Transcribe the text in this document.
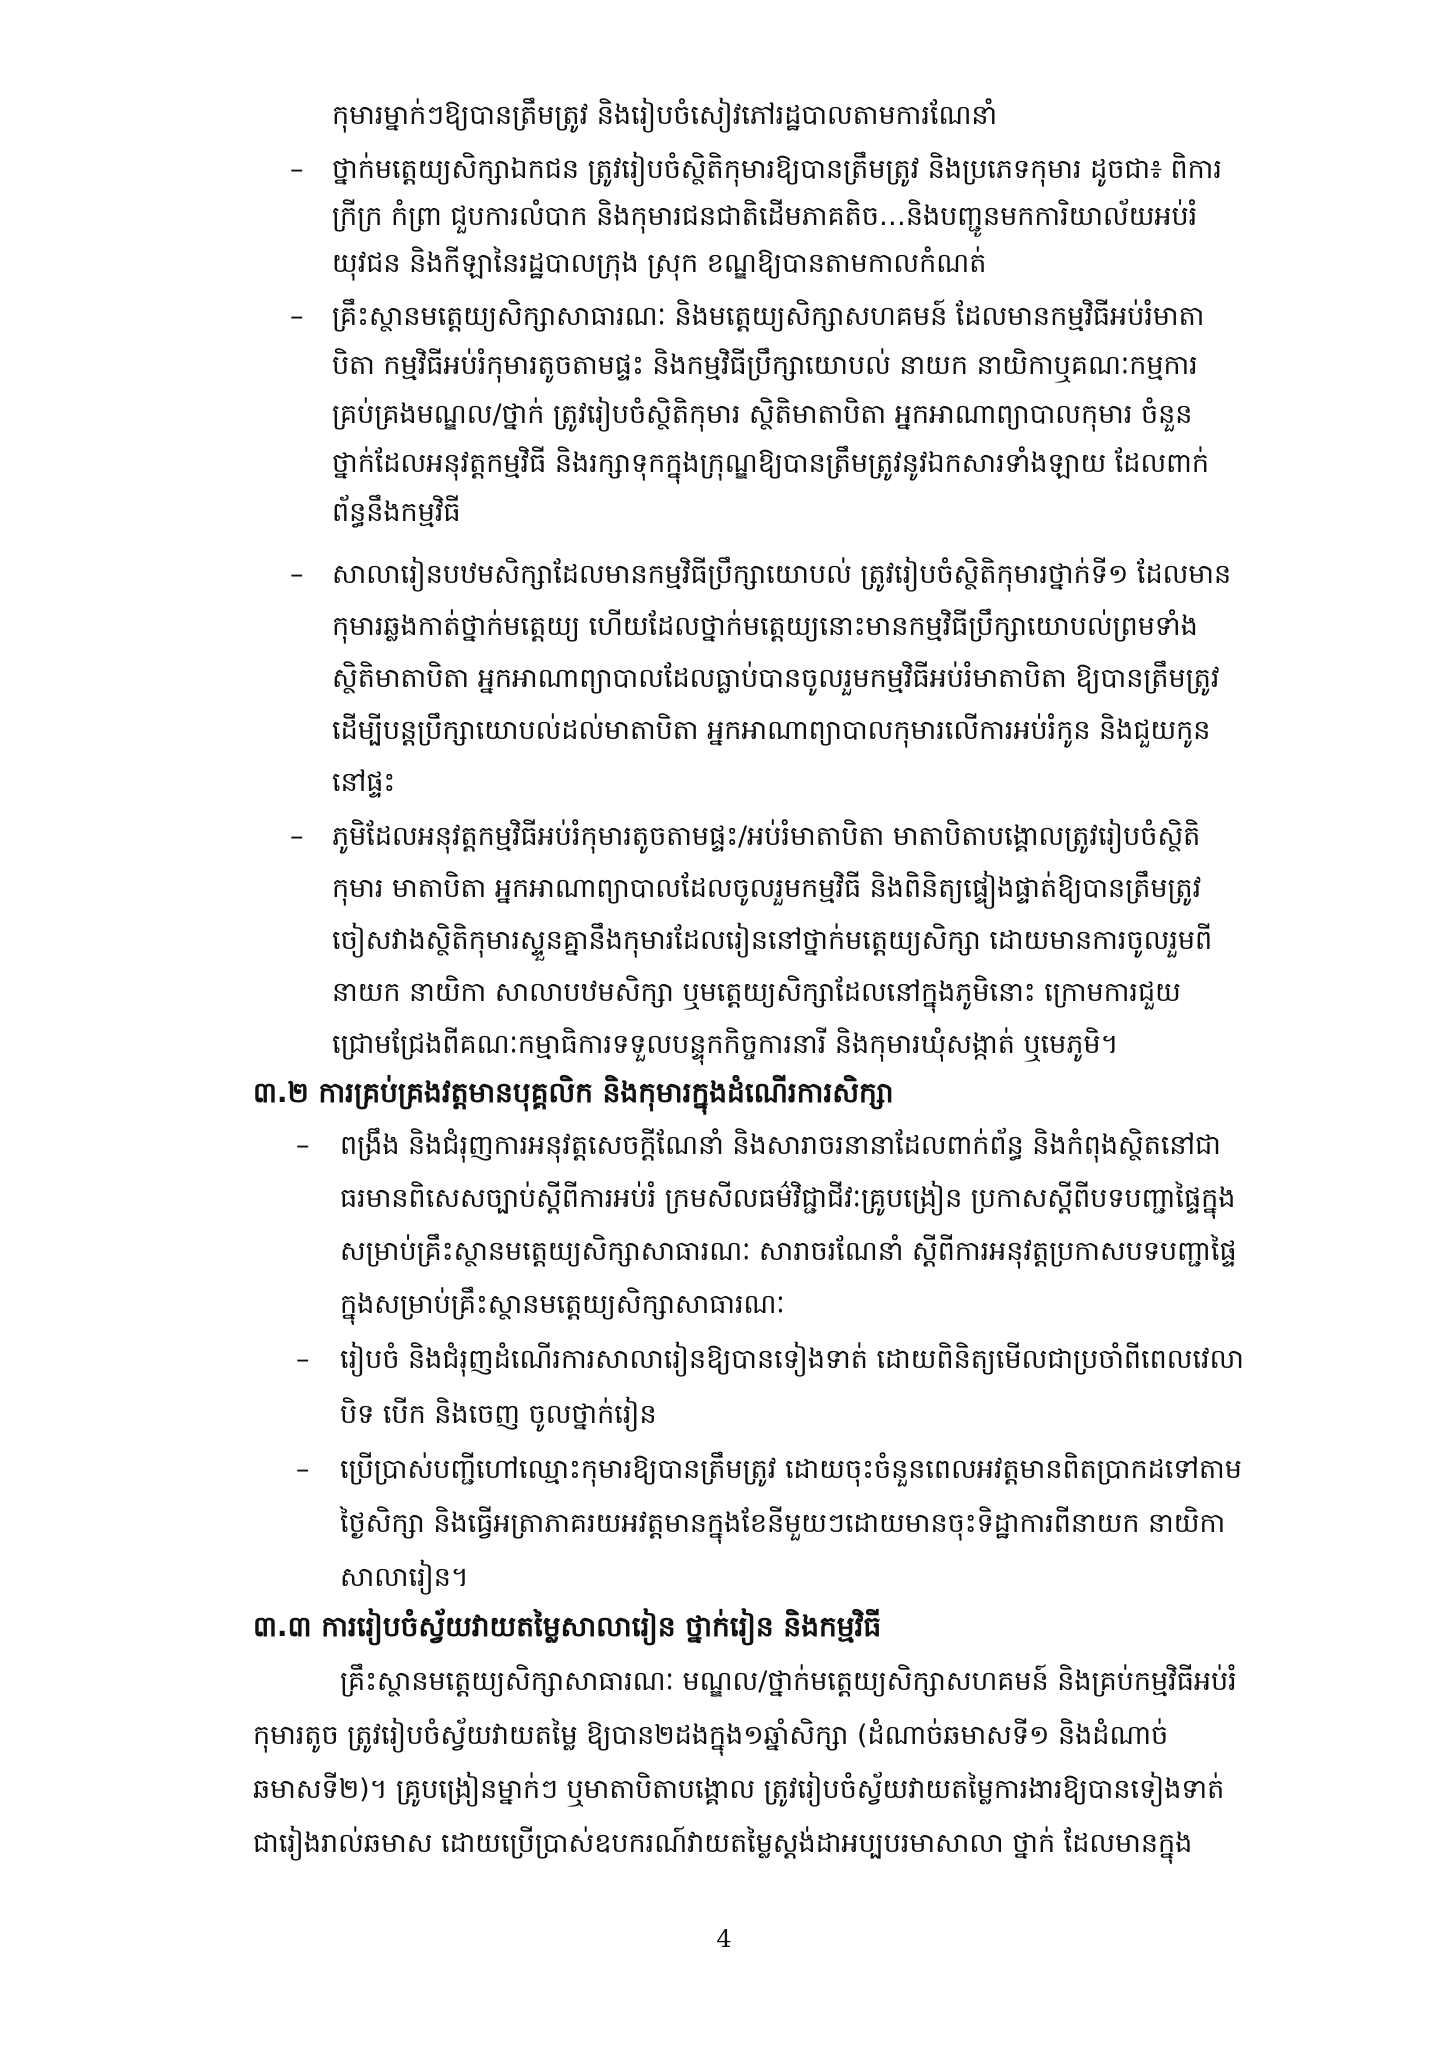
កុមារម្នាក់ៗឱ្យបានត្រឹមត្រូវ និងរៀបចំសៀវភៅរដ្ឋបាលតាមការណែនាំ
– ថ្នាក់មត្តេយ្យសិក្សាឯកជន ត្រូវរៀបចំស្ថិតិកុមារឱ្យបានត្រឹមត្រូវ និងប្រភេទកុមារ ដូចជា៖ ពិការ
ក្រីក្រ កំព្រា ជួបការលំបាក និងកុមារជនជាតិដើមភាគតិច…និងបញ្ជូនមកការិយាល័យអប់រំ
យុវជន និងកីឡានៃរដ្ឋបាលក្រុង ស្រុក ខណ្ឌឱ្យបានតាមកាលកំណត់
– គ្រឹះស្ថានមត្តេយ្យសិក្សាសាធារណៈ និងមត្តេយ្យសិក្សាសហគមន៍ ដែលមានកម្មវិធីអប់រំមាតា
បិតា កម្មវិធីអប់រំកុមារតូចតាមផ្ទះ និងកម្មវិធីប្រឹក្សាយោបល់ នាយក នាយិកាឬគណៈកម្មការ
គ្រប់គ្រងមណ្ឌល/ថ្នាក់ ត្រូវរៀបចំស្ថិតិកុមារ ស្ថិតិមាតាបិតា អ្នកអាណាព្យាបាលកុមារ ចំនួន
ថ្នាក់ដែលអនុវត្តកម្មវិធី និងរក្សាទុកក្នុងក្រុណ្ឌឱ្យបានត្រឹមត្រូវនូវឯកសារទាំងឡាយ ដែលពាក់
ព័ន្ធនឹងកម្មវិធី
– សាលារៀនបឋមសិក្សាដែលមានកម្មវិធីប្រឹក្សាយោបល់ ត្រូវរៀបចំស្ថិតិកុមារថ្នាក់ទី១ ដែលមាន
កុមារឆ្លងកាត់ថ្នាក់មត្តេយ្យ ហើយដែលថ្នាក់មត្តេយ្យនោះមានកម្មវិធីប្រឹក្សាយោបល់ព្រមទាំង
ស្ថិតិមាតាបិតា អ្នកអាណាព្យាបាលដែលធ្លាប់បានចូលរួមកម្មវិធីអប់រំមាតាបិតា ឱ្យបានត្រឹមត្រូវ
ដើម្បីបន្តប្រឹក្សាយោបល់ដល់មាតាបិតា អ្នកអាណាព្យាបាលកុមារលើការអប់រំកូន និងជួយកូន
នៅផ្ទះ
– ភូមិដែលអនុវត្តកម្មវិធីអប់រំកុមារតូចតាមផ្ទះ/អប់រំមាតាបិតា មាតាបិតាបង្គោលត្រូវរៀបចំស្ថិតិ
កុមារ មាតាបិតា អ្នកអាណាព្យាបាលដែលចូលរួមកម្មវិធី និងពិនិត្យផ្ទៀងផ្ទាត់ឱ្យបានត្រឹមត្រូវ
ចៀសវាងស្ថិតិកុមារស្ទួនគ្នានឹងកុមារដែលរៀននៅថ្នាក់មត្តេយ្យសិក្សា ដោយមានការចូលរួមពី
នាយក នាយិកា សាលាបឋមសិក្សា ឬមត្តេយ្យសិក្សាដែលនៅក្នុងភូមិនោះ ក្រោមការជួយ
ជ្រោមជ្រែងពីគណៈកម្មាធិការទទួលបន្ទុកកិច្ចការនារី និងកុមារឃុំសង្កាត់ ឬមេភូមិ។
៣.២ ការគ្រប់គ្រងវត្តមានបុគ្គលិក និងកុមារក្នុងដំណើរការសិក្សា
– ពង្រឹង និងជំរុញការអនុវត្តសេចក្តីណែនាំ និងសារាចរនានាដែលពាក់ព័ន្ធ និងកំពុងស្ថិតនៅជា
ធរមានពិសេសច្បាប់ស្តីពីការអប់រំ ក្រមសីលធម៌វិជ្ជាជីវៈគ្រូបង្រៀន ប្រកាសស្តីពីបទបញ្ជាផ្ទៃក្នុង
សម្រាប់គ្រឹះស្ថានមត្តេយ្យសិក្សាសាធារណៈ សារាចរណែនាំ ស្តីពីការអនុវត្តប្រកាសបទបញ្ជាផ្ទៃ
ក្នុងសម្រាប់គ្រឹះស្ថានមត្តេយ្យសិក្សាសាធារណៈ
– រៀបចំ និងជំរុញដំណើរការសាលារៀនឱ្យបានទៀងទាត់ ដោយពិនិត្យមើលជាប្រចាំពីពេលវេលា
បិទ បើក និងចេញ ចូលថ្នាក់រៀន
– ប្រើប្រាស់បញ្ជីហៅឈ្មោះកុមារឱ្យបានត្រឹមត្រូវ ដោយចុះចំនួនពេលអវត្តមានពិតប្រាកដទៅតាម
ថ្ងៃសិក្សា និងធ្វើអត្រាភាគរយអវត្តមានក្នុងខែនីមួយៗដោយមានចុះទិដ្ឋាការពីនាយក នាយិកា
សាលារៀន។
៣.៣ ការរៀបចំស្វ័យវាយតម្លៃសាលារៀន ថ្នាក់រៀន និងកម្មវិធី
គ្រឹះស្ថានមត្តេយ្យសិក្សាសាធារណៈ មណ្ឌល/ថ្នាក់មត្តេយ្យសិក្សាសហគមន៍ និងគ្រប់កម្មវិធីអប់រំ
កុមារតូច ត្រូវរៀបចំស្វ័យវាយតម្លៃ ឱ្យបាន២ដងក្នុង១ឆ្នាំសិក្សា (ដំណាច់ឆមាសទី១ និងដំណាច់
ឆមាសទី២)។ គ្រូបង្រៀនម្នាក់ៗ ឬមាតាបិតាបង្គោល ត្រូវរៀបចំស្វ័យវាយតម្លៃការងារឱ្យបានទៀងទាត់
ជារៀងរាល់ឆមាស ដោយប្រើប្រាស់ឧបករណ៍វាយតម្លៃស្តង់ដាអប្បបរមាសាលា ថ្នាក់ ដែលមានក្នុង
4
